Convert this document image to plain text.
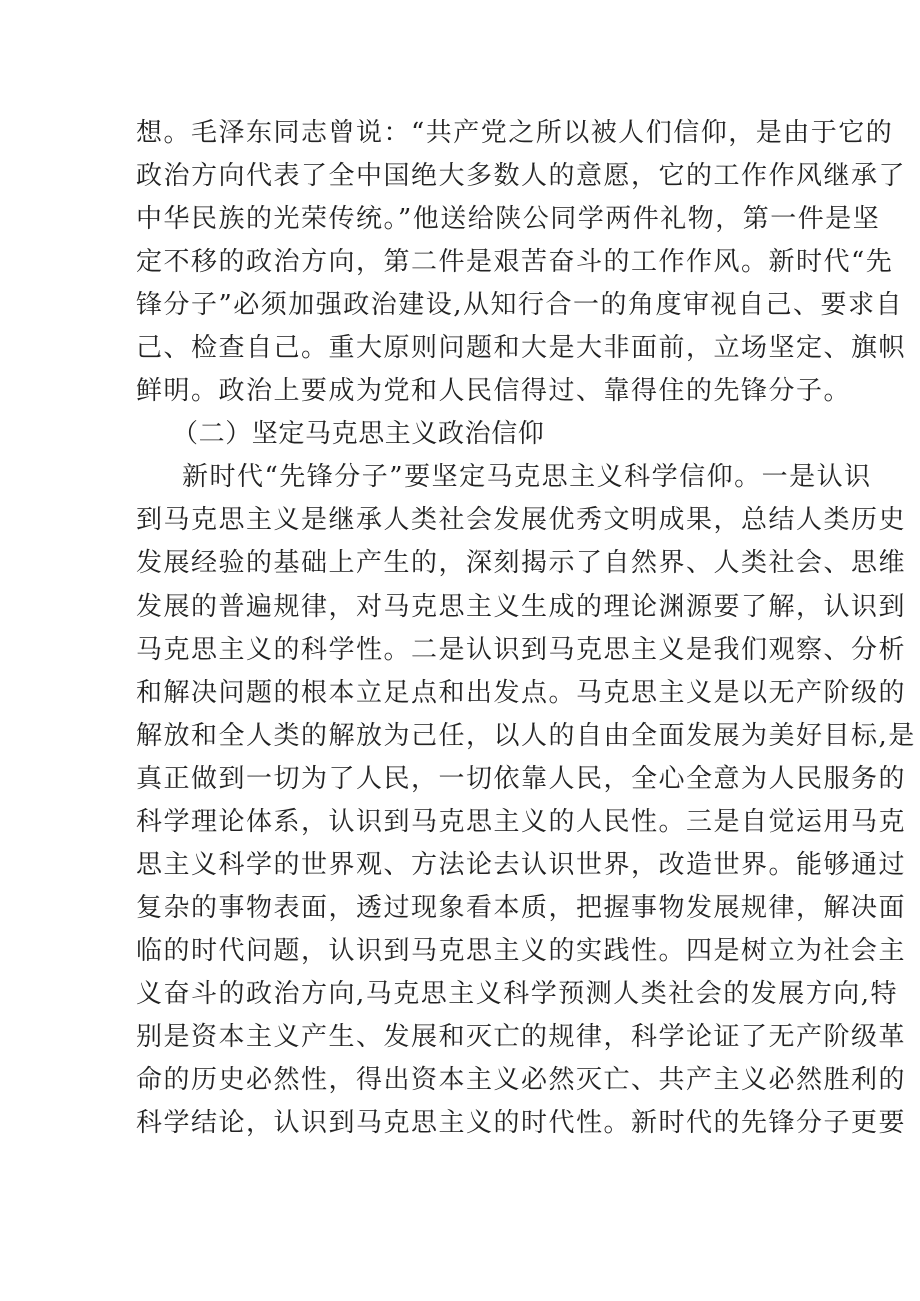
想。毛泽东同志曾说：“共产党之所以被人们信仰，是由于它的
政治方向代表了全中国绝大多数人的意愿，它的工作作风继承了
中华民族的光荣传统。”他送给陕公同学两件礼物，第一件是坚
定不移的政治方向，第二件是艰苦奋斗的工作作风。新时代“先
锋分子”必须加强政治建设,从知行合一的角度审视自己、要求自
己、检查自己。重大原则问题和大是大非面前，立场坚定、旗帜
鲜明。政治上要成为党和人民信得过、靠得住的先锋分子。
（二）坚定马克思主义政治信仰
新时代“先锋分子”要坚定马克思主义科学信仰。一是认识
到马克思主义是继承人类社会发展优秀文明成果，总结人类历史
发展经验的基础上产生的，深刻揭示了自然界、人类社会、思维
发展的普遍规律，对马克思主义生成的理论渊源要了解，认识到
马克思主义的科学性。二是认识到马克思主义是我们观察、分析
和解决问题的根本立足点和出发点。马克思主义是以无产阶级的
解放和全人类的解放为己任，以人的自由全面发展为美好目标,是
真正做到一切为了人民，一切依靠人民，全心全意为人民服务的
科学理论体系，认识到马克思主义的人民性。三是自觉运用马克
思主义科学的世界观、方法论去认识世界，改造世界。能够通过
复杂的事物表面，透过现象看本质，把握事物发展规律，解决面
临的时代问题，认识到马克思主义的实践性。四是树立为社会主
义奋斗的政治方向,马克思主义科学预测人类社会的发展方向,特
别是资本主义产生、发展和灭亡的规律，科学论证了无产阶级革
命的历史必然性，得出资本主义必然灭亡、共产主义必然胜利的
科学结论，认识到马克思主义的时代性。新时代的先锋分子更要
